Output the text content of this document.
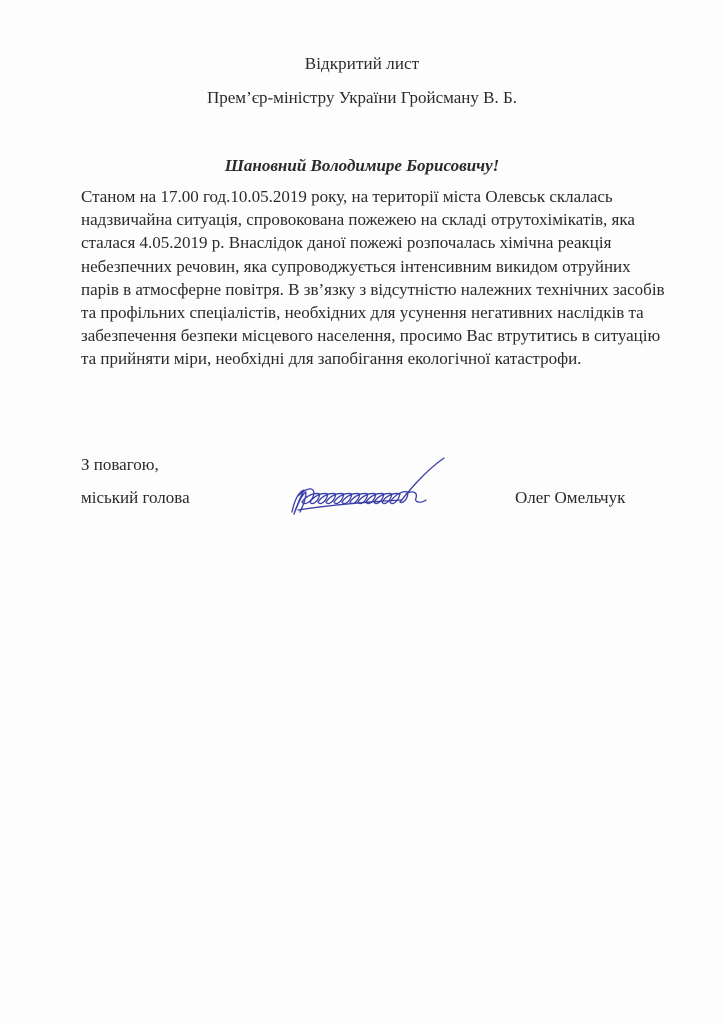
Відкритий лист
Прем’єр-міністру України Гройсману В. Б.
Шановний Володимире Борисовичу!
Станом на 17.00 год.10.05.2019 року, на території міста Олевськ склалась
надзвичайна ситуація, спровокована пожежею на складі отрутохімікатів, яка
сталася 4.05.2019 р. Внаслідок даної пожежі розпочалась хімічна реакція
небезпечних речовин, яка супроводжується інтенсивним викидом отруйних
парів в атмосферне повітря. В зв’язку з відсутністю належних технічних засобів
та профільних спеціалістів, необхідних для усунення негативних наслідків та
забезпечення безпеки місцевого населення, просимо Вас втрутитись в ситуацію
та прийняти міри, необхідні для запобігання екологічної катастрофи.
З повагою,
міський голова	Олег Омельчук
